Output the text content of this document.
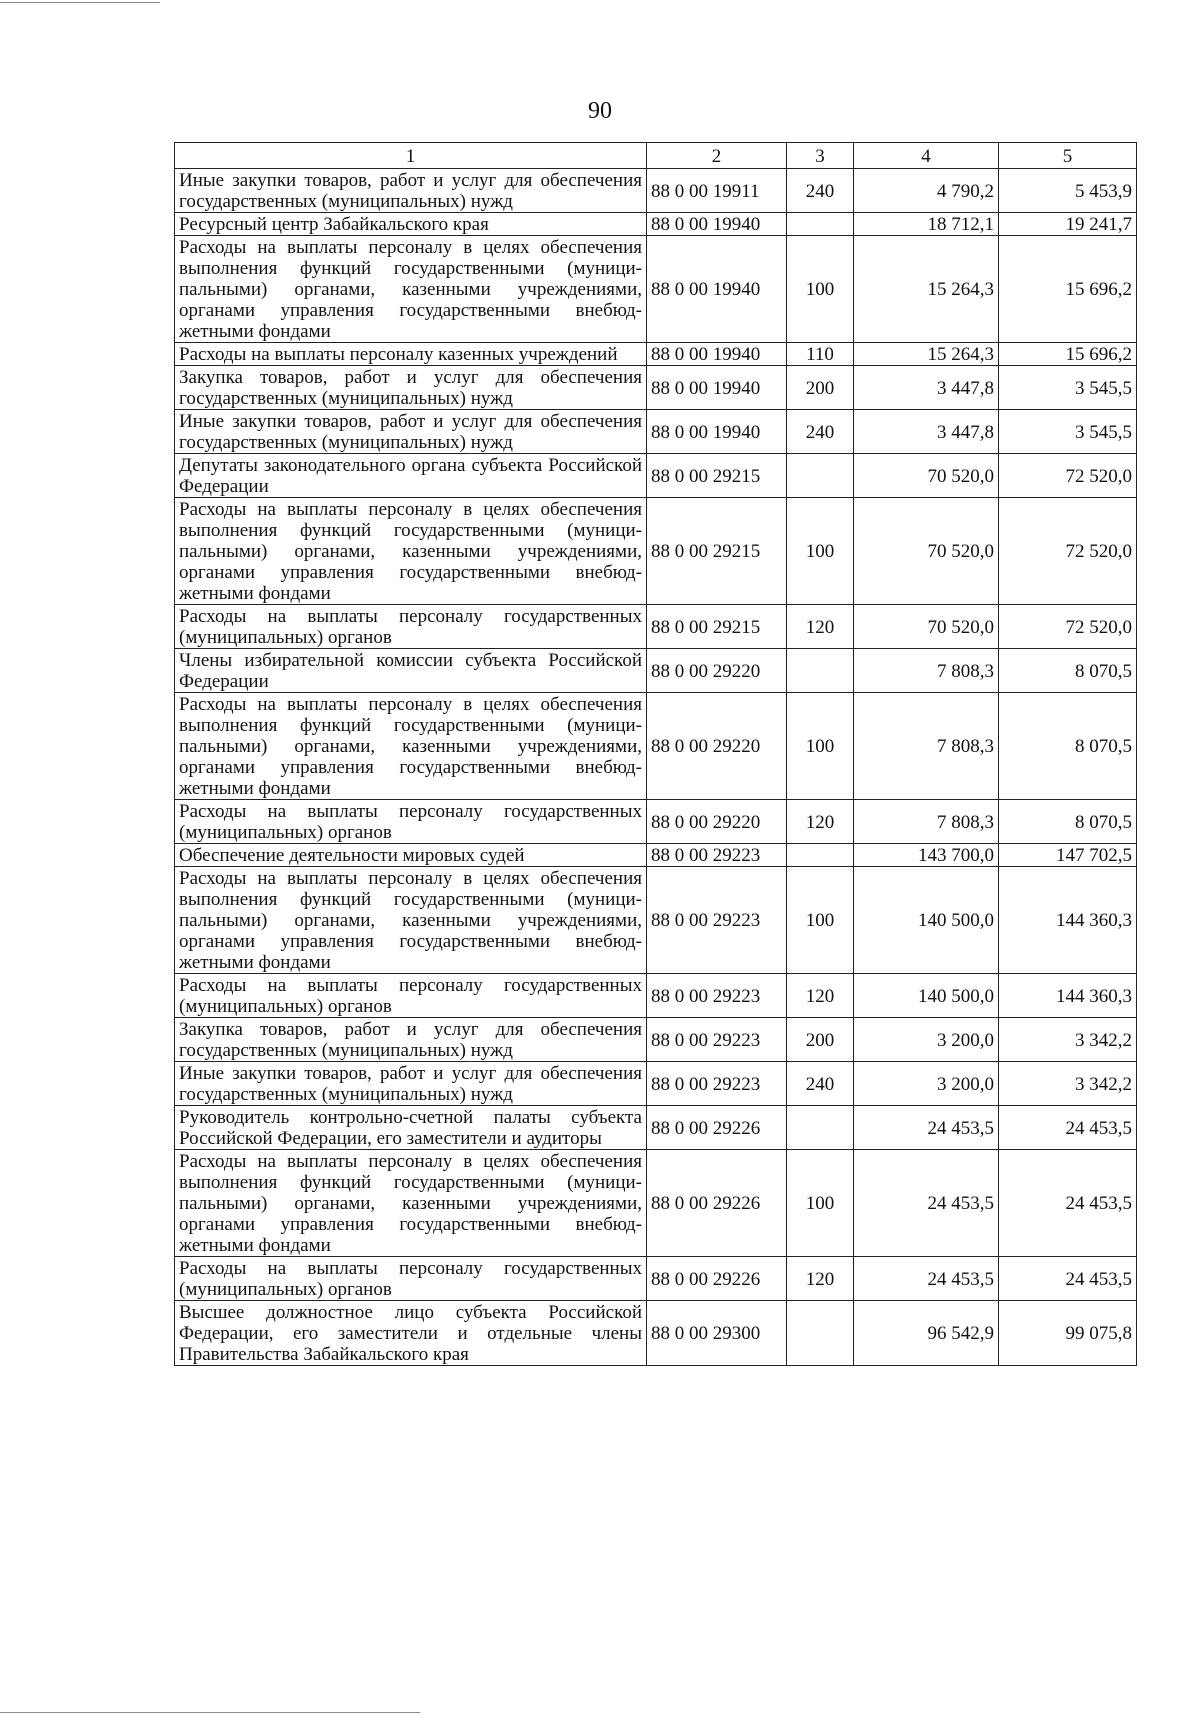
90
1	2	3	4	5
Иные закупки товаров, работ и услуг для обеспечения государственных (муниципальных) нужд	88 0 00 19911	240	4 790,2	5 453,9
Ресурсный центр Забайкальского края	88 0 00 19940		18 712,1	19 241,7
Расходы на выплаты персоналу в целях обеспечения выполнения функций государственными (муниципальными) органами, казенными учреждениями, органами управления государственными внебюджетными фондами	88 0 00 19940	100	15 264,3	15 696,2
Расходы на выплаты персоналу казенных учреждений	88 0 00 19940	110	15 264,3	15 696,2
Закупка товаров, работ и услуг для обеспечения государственных (муниципальных) нужд	88 0 00 19940	200	3 447,8	3 545,5
Иные закупки товаров, работ и услуг для обеспечения государственных (муниципальных) нужд	88 0 00 19940	240	3 447,8	3 545,5
Депутаты законодательного органа субъекта Российской Федерации	88 0 00 29215		70 520,0	72 520,0
Расходы на выплаты персоналу в целях обеспечения выполнения функций государственными (муниципальными) органами, казенными учреждениями, органами управления государственными внебюджетными фондами	88 0 00 29215	100	70 520,0	72 520,0
Расходы на выплаты персоналу государственных (муниципальных) органов	88 0 00 29215	120	70 520,0	72 520,0
Члены избирательной комиссии субъекта Российской Федерации	88 0 00 29220		7 808,3	8 070,5
Расходы на выплаты персоналу в целях обеспечения выполнения функций государственными (муниципальными) органами, казенными учреждениями, органами управления государственными внебюджетными фондами	88 0 00 29220	100	7 808,3	8 070,5
Расходы на выплаты персоналу государственных (муниципальных) органов	88 0 00 29220	120	7 808,3	8 070,5
Обеспечение деятельности мировых судей	88 0 00 29223		143 700,0	147 702,5
Расходы на выплаты персоналу в целях обеспечения выполнения функций государственными (муниципальными) органами, казенными учреждениями, органами управления государственными внебюджетными фондами	88 0 00 29223	100	140 500,0	144 360,3
Расходы на выплаты персоналу государственных (муниципальных) органов	88 0 00 29223	120	140 500,0	144 360,3
Закупка товаров, работ и услуг для обеспечения государственных (муниципальных) нужд	88 0 00 29223	200	3 200,0	3 342,2
Иные закупки товаров, работ и услуг для обеспечения государственных (муниципальных) нужд	88 0 00 29223	240	3 200,0	3 342,2
Руководитель контрольно-счетной палаты субъекта Российской Федерации, его заместители и аудиторы	88 0 00 29226		24 453,5	24 453,5
Расходы на выплаты персоналу в целях обеспечения выполнения функций государственными (муниципальными) органами, казенными учреждениями, органами управления государственными внебюджетными фондами	88 0 00 29226	100	24 453,5	24 453,5
Расходы на выплаты персоналу государственных (муниципальных) органов	88 0 00 29226	120	24 453,5	24 453,5
Высшее должностное лицо субъекта Российской Федерации, его заместители и отдельные члены Правительства Забайкальского края	88 0 00 29300		96 542,9	99 075,8
